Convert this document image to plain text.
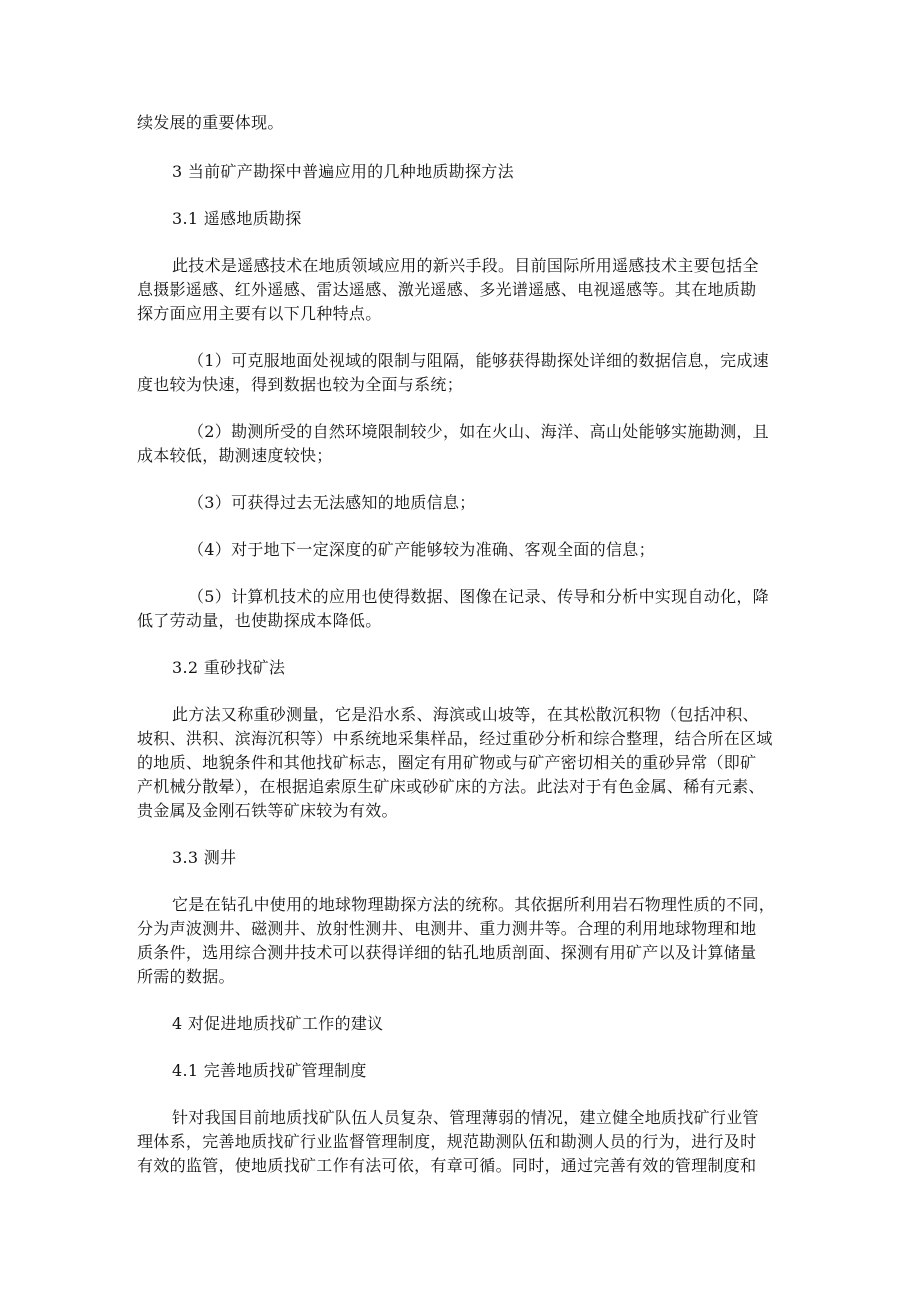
续发展的重要体现。
3 当前矿产勘探中普遍应用的几种地质勘探方法
3.1 遥感地质勘探
此技术是遥感技术在地质领域应用的新兴手段。目前国际所用遥感技术主要包括全
息摄影遥感、红外遥感、雷达遥感、激光遥感、多光谱遥感、电视遥感等。其在地质勘
探方面应用主要有以下几种特点。
（1）可克服地面处视域的限制与阻隔，能够获得勘探处详细的数据信息，完成速
度也较为快速，得到数据也较为全面与系统；
（2）勘测所受的自然环境限制较少，如在火山、海洋、高山处能够实施勘测，且
成本较低，勘测速度较快；
（3）可获得过去无法感知的地质信息；
（4）对于地下一定深度的矿产能够较为准确、客观全面的信息；
（5）计算机技术的应用也使得数据、图像在记录、传导和分析中实现自动化，降
低了劳动量，也使勘探成本降低。
3.2 重砂找矿法
此方法又称重砂测量，它是沿水系、海滨或山坡等，在其松散沉积物（包括冲积、
坡积、洪积、滨海沉积等）中系统地采集样品，经过重砂分析和综合整理，结合所在区域
的地质、地貌条件和其他找矿标志，圈定有用矿物或与矿产密切相关的重砂异常（即矿
产机械分散晕），在根据追索原生矿床或砂矿床的方法。此法对于有色金属、稀有元素、
贵金属及金刚石铁等矿床较为有效。
3.3 测井
它是在钻孔中使用的地球物理勘探方法的统称。其依据所利用岩石物理性质的不同，
分为声波测井、磁测井、放射性测井、电测井、重力测井等。合理的利用地球物理和地
质条件，选用综合测井技术可以获得详细的钻孔地质剖面、探测有用矿产以及计算储量
所需的数据。
4 对促进地质找矿工作的建议
4.1 完善地质找矿管理制度
针对我国目前地质找矿队伍人员复杂、管理薄弱的情况，建立健全地质找矿行业管
理体系，完善地质找矿行业监督管理制度，规范勘测队伍和勘测人员的行为，进行及时
有效的监管，使地质找矿工作有法可依，有章可循。同时，通过完善有效的管理制度和
